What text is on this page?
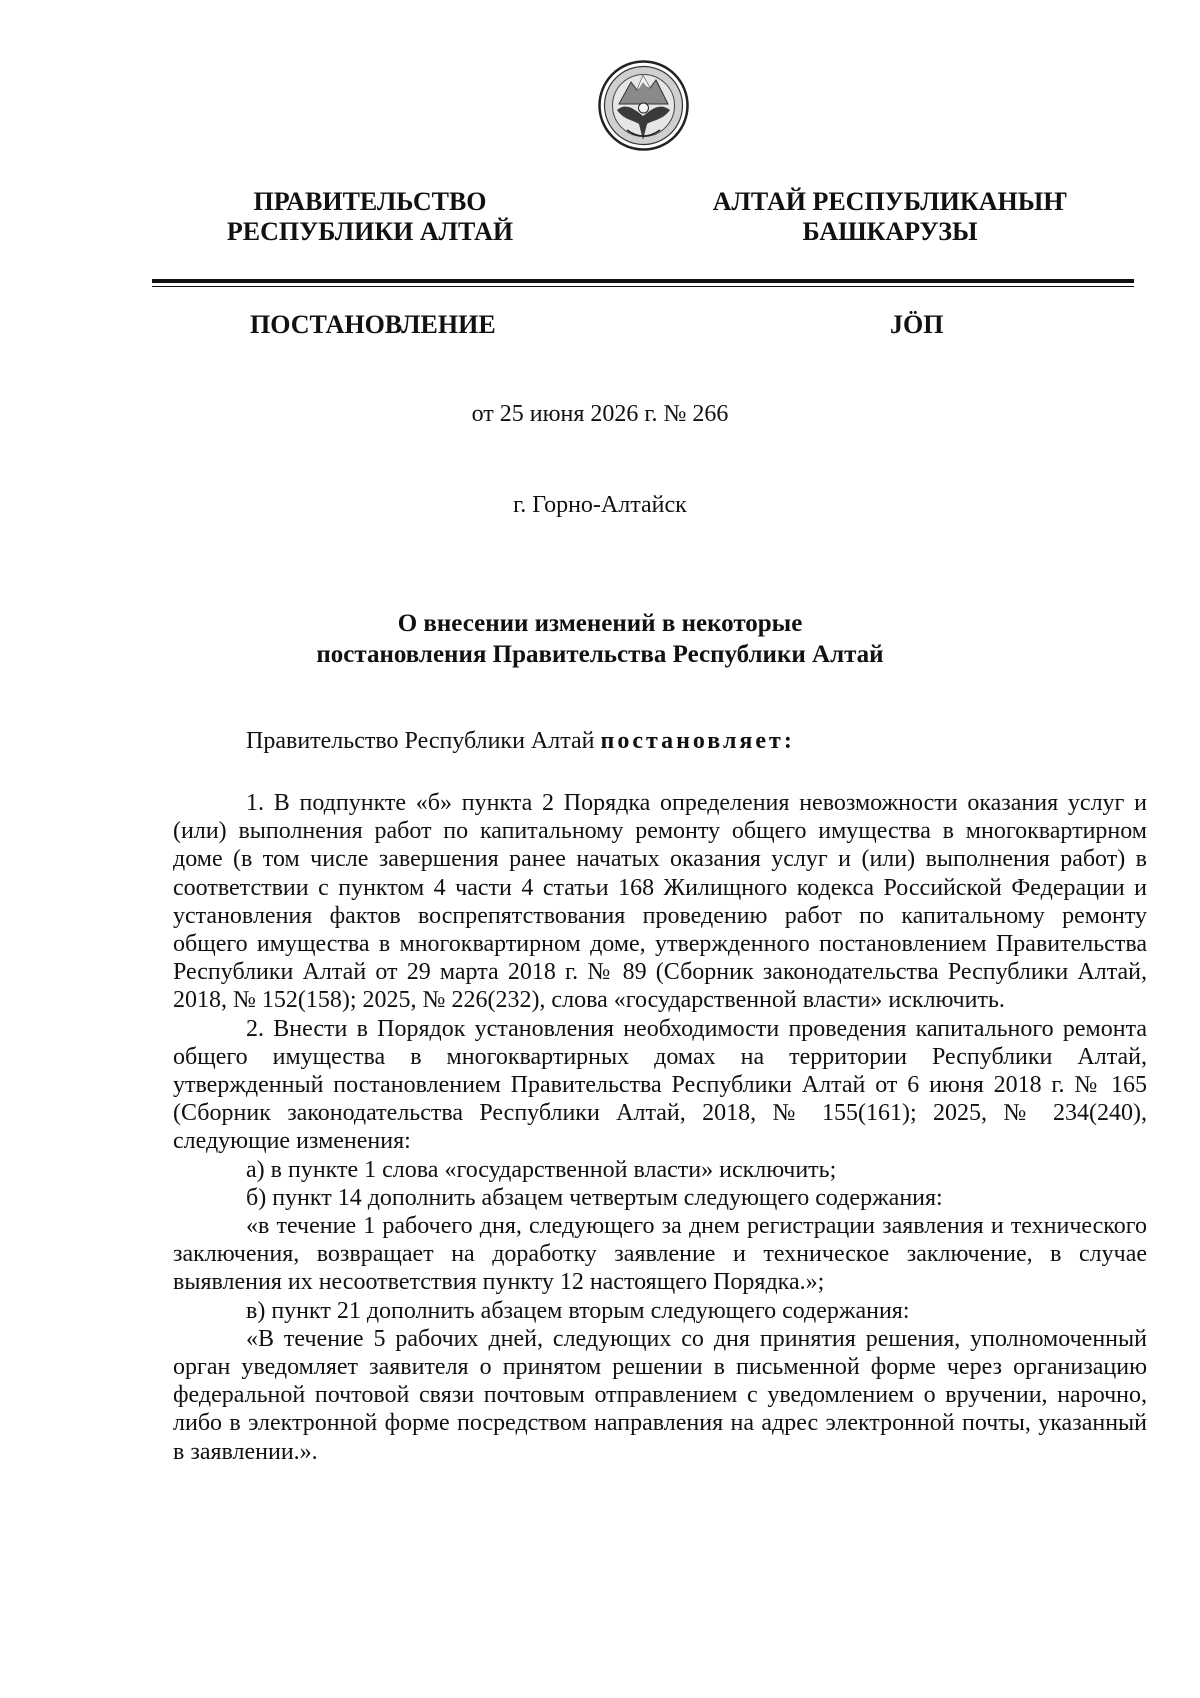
ПРАВИТЕЛЬСТВО
РЕСПУБЛИКИ АЛТАЙ
АЛТАЙ РЕСПУБЛИКАНЫҤ
БАШКАРУЗЫ
ПОСТАНОВЛЕНИЕ	ЈӦП
от 25 июня 2026 г. № 266
г. Горно-Алтайск
О внесении изменений в некоторые
постановления Правительства Республики Алтай
Правительство Республики Алтай постановляет:

1. В подпункте «б» пункта 2 Порядка определения невозможности оказания услуг и (или) выполнения работ по капитальному ремонту общего имущества в многоквартирном доме (в том числе завершения ранее начатых оказания услуг и (или) выполнения работ) в соответствии с пунктом 4 части 4 статьи 168 Жилищного кодекса Российской Федерации и установления фактов воспрепятствования проведению работ по капитальному ремонту общего имущества в многоквартирном доме, утвержденного постановлением Правительства Республики Алтай от 29 марта 2018 г. № 89 (Сборник законодательства Республики Алтай, 2018, № 152(158); 2025, № 226(232), слова «государственной власти» исключить.

2. Внести в Порядок установления необходимости проведения капитального ремонта общего имущества в многоквартирных домах на территории Республики Алтай, утвержденный постановлением Правительства Республики Алтай от 6 июня 2018 г. № 165 (Сборник законодательства Республики Алтай, 2018, № 155(161); 2025, № 234(240), следующие изменения:

а) в пункте 1 слова «государственной власти» исключить;

б) пункт 14 дополнить абзацем четвертым следующего содержания:

«в течение 1 рабочего дня, следующего за днем регистрации заявления и технического заключения, возвращает на доработку заявление и техническое заключение, в случае выявления их несоответствия пункту 12 настоящего Порядка.»;

в) пункт 21 дополнить абзацем вторым следующего содержания:

«В течение 5 рабочих дней, следующих со дня принятия решения, уполномоченный орган уведомляет заявителя о принятом решении в письменной форме через организацию федеральной почтовой связи почтовым отправлением с уведомлением о вручении, нарочно, либо в электронной форме посредством направления на адрес электронной почты, указанный в заявлении.».
